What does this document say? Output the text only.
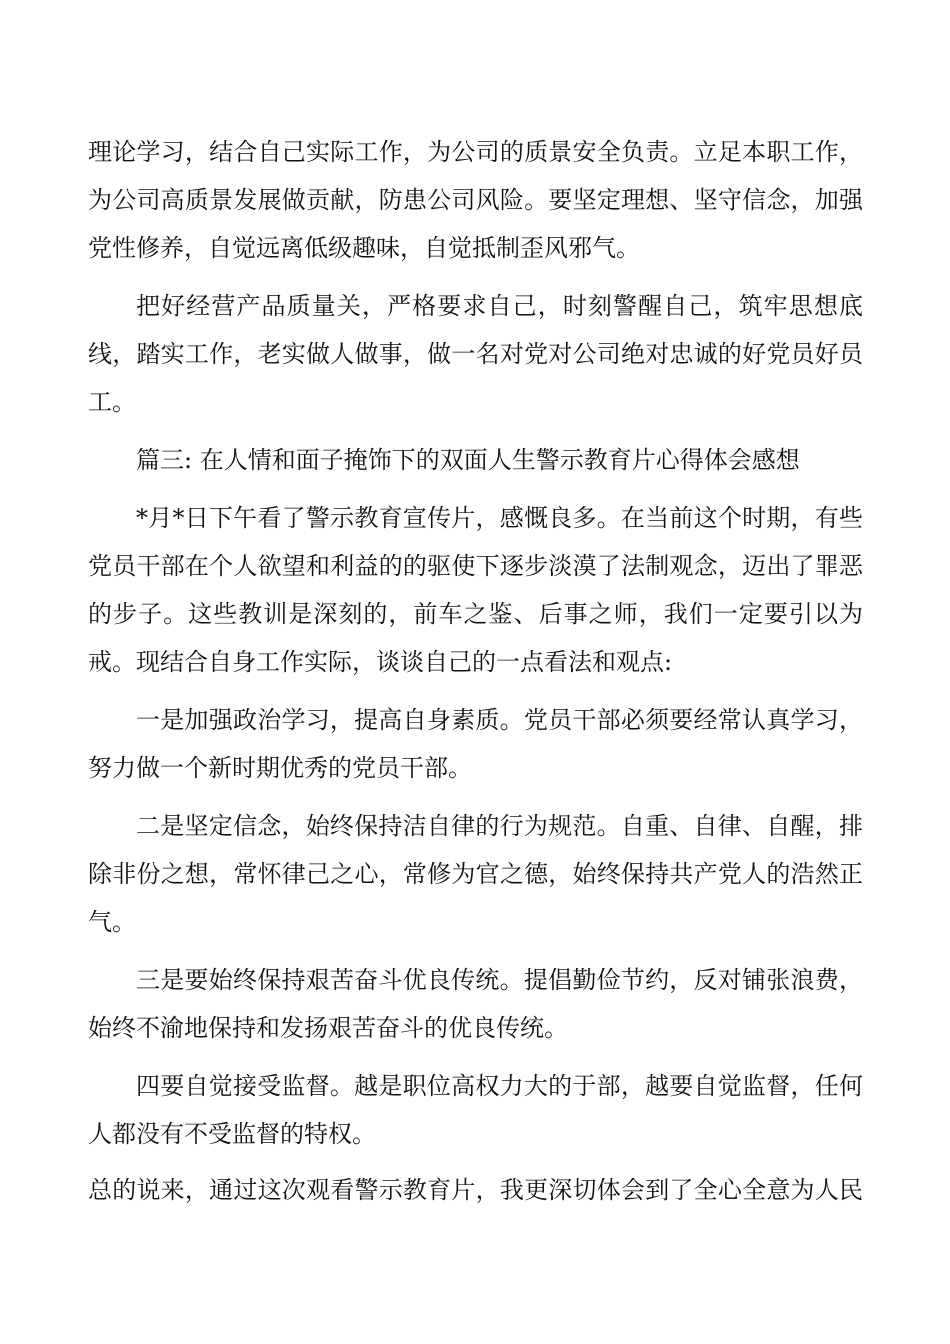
理论学习，结合自己实际工作，为公司的质景安全负责。立足本职工作，
为公司高质景发展做贡献，防患公司风险。要坚定理想、坚守信念，加强
党性修养，自觉远离低级趣味，自觉抵制歪风邪气。
把好经营产品质量关，严格要求自己，时刻警醒自己，筑牢思想底
线，踏实工作，老实做人做事，做一名对党对公司绝对忠诚的好党员好员
工。
篇三: 在人情和面子掩饰下的双面人生警示教育片心得体会感想
*月*日下午看了警示教育宣传片，感慨良多。在当前这个时期，有些
党员干部在个人欲望和利益的的驱使下逐步淡漠了法制观念，迈出了罪恶
的步子。这些教训是深刻的，前车之鉴、后事之师，我们一定要引以为
戒。现结合自身工作实际，谈谈自己的一点看法和观点:
一是加强政治学习，提高自身素质。党员干部必须要经常认真学习，
努力做一个新时期优秀的党员干部。
二是坚定信念，始终保持洁自律的行为规范。自重、自律、自醒，排
除非份之想，常怀律己之心，常修为官之德，始终保持共产党人的浩然正
气。
三是要始终保持艰苦奋斗优良传统。提倡勤俭节约，反对铺张浪费，
始终不渝地保持和发扬艰苦奋斗的优良传统。
四要自觉接受监督。越是职位高权力大的于部，越要自觉监督，任何
人都没有不受监督的特权。
总的说来，通过这次观看警示教育片，我更深切体会到了全心全意为人民
